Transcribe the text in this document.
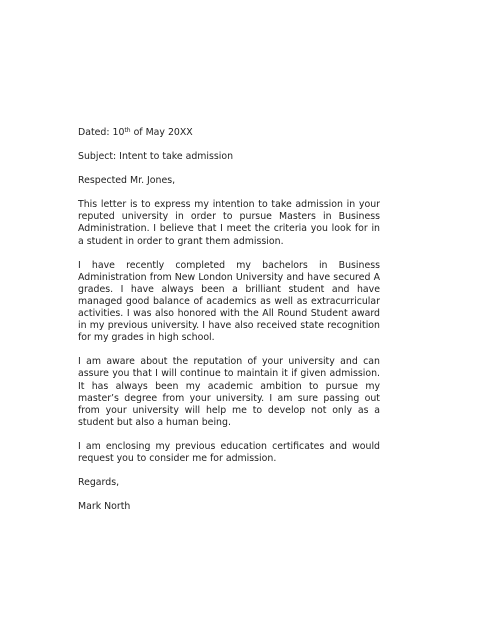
Dated: 10th of May 20XX
Subject: Intent to take admission
Respected Mr. Jones,

This letter is to express my intention to take admission in your reputed university in order to pursue Masters in Business Administration. I believe that I meet the criteria you look for in a student in order to grant them admission.

I have recently completed my bachelors in Business Administration from New London University and have secured A grades. I have always been a brilliant student and have managed good balance of academics as well as extracurricular activities. I was also honored with the All Round Student award in my previous university. I have also received state recognition for my grades in high school.

I am aware about the reputation of your university and can assure you that I will continue to maintain it if given admission. It has always been my academic ambition to pursue my master’s degree from your university. I am sure passing out from your university will help me to develop not only as a student but also a human being.

I am enclosing my previous education certificates and would request you to consider me for admission.

Regards,
Mark North
